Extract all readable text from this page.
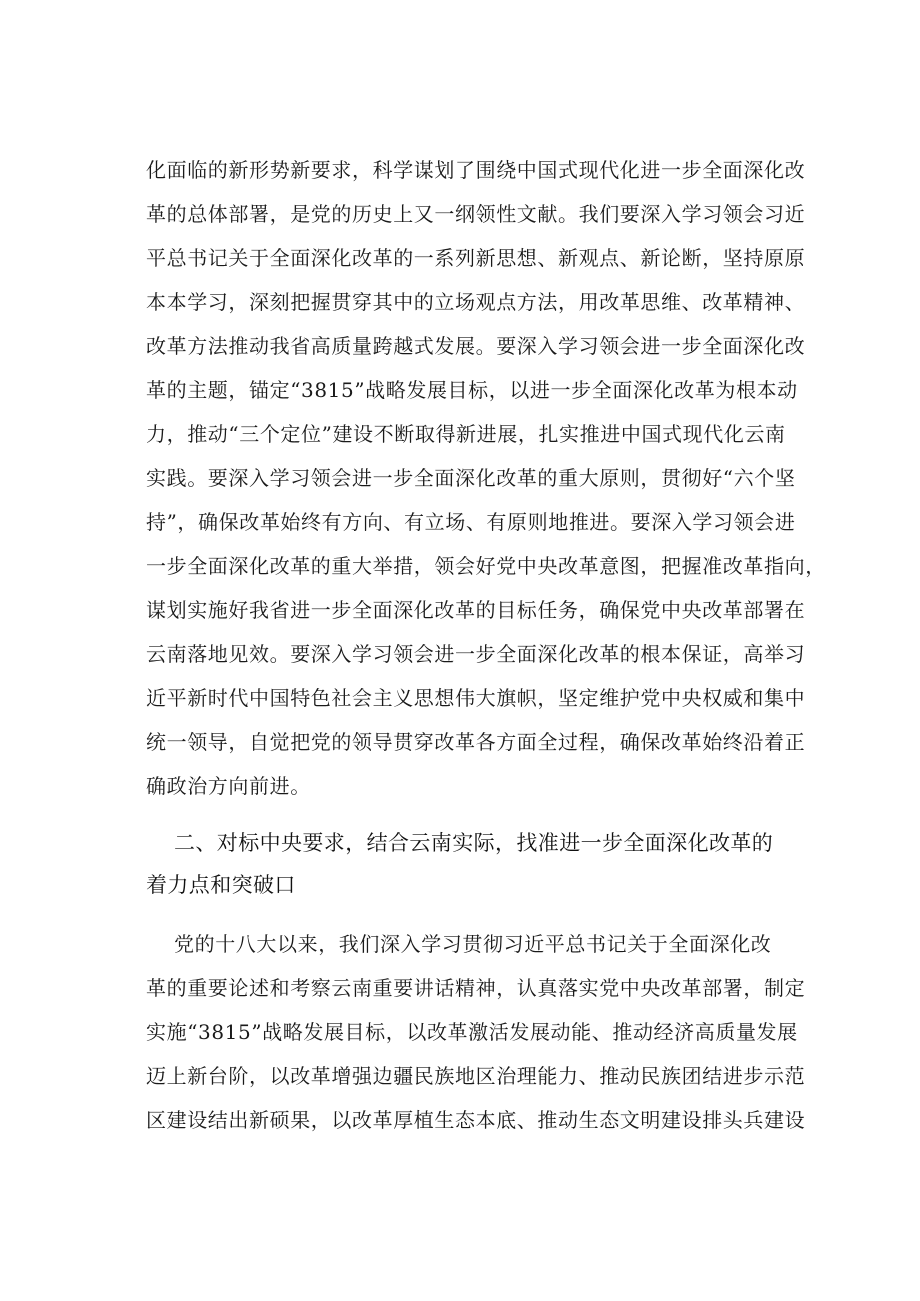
化面临的新形势新要求，科学谋划了围绕中国式现代化进一步全面深化改
革的总体部署，是党的历史上又一纲领性文献。我们要深入学习领会习近
平总书记关于全面深化改革的一系列新思想、新观点、新论断，坚持原原
本本学习，深刻把握贯穿其中的立场观点方法，用改革思维、改革精神、
改革方法推动我省高质量跨越式发展。要深入学习领会进一步全面深化改
革的主题，锚定“3815”战略发展目标，以进一步全面深化改革为根本动
力，推动“三个定位”建设不断取得新进展，扎实推进中国式现代化云南
实践。要深入学习领会进一步全面深化改革的重大原则，贯彻好“六个坚
持”，确保改革始终有方向、有立场、有原则地推进。要深入学习领会进
一步全面深化改革的重大举措，领会好党中央改革意图，把握准改革指向，
谋划实施好我省进一步全面深化改革的目标任务，确保党中央改革部署在
云南落地见效。要深入学习领会进一步全面深化改革的根本保证，高举习
近平新时代中国特色社会主义思想伟大旗帜，坚定维护党中央权威和集中
统一领导，自觉把党的领导贯穿改革各方面全过程，确保改革始终沿着正
确政治方向前进。
二、对标中央要求，结合云南实际，找准进一步全面深化改革的
着力点和突破口
党的十八大以来，我们深入学习贯彻习近平总书记关于全面深化改
革的重要论述和考察云南重要讲话精神，认真落实党中央改革部署，制定
实施“3815”战略发展目标，以改革激活发展动能、推动经济高质量发展
迈上新台阶，以改革增强边疆民族地区治理能力、推动民族团结进步示范
区建设结出新硕果，以改革厚植生态本底、推动生态文明建设排头兵建设
